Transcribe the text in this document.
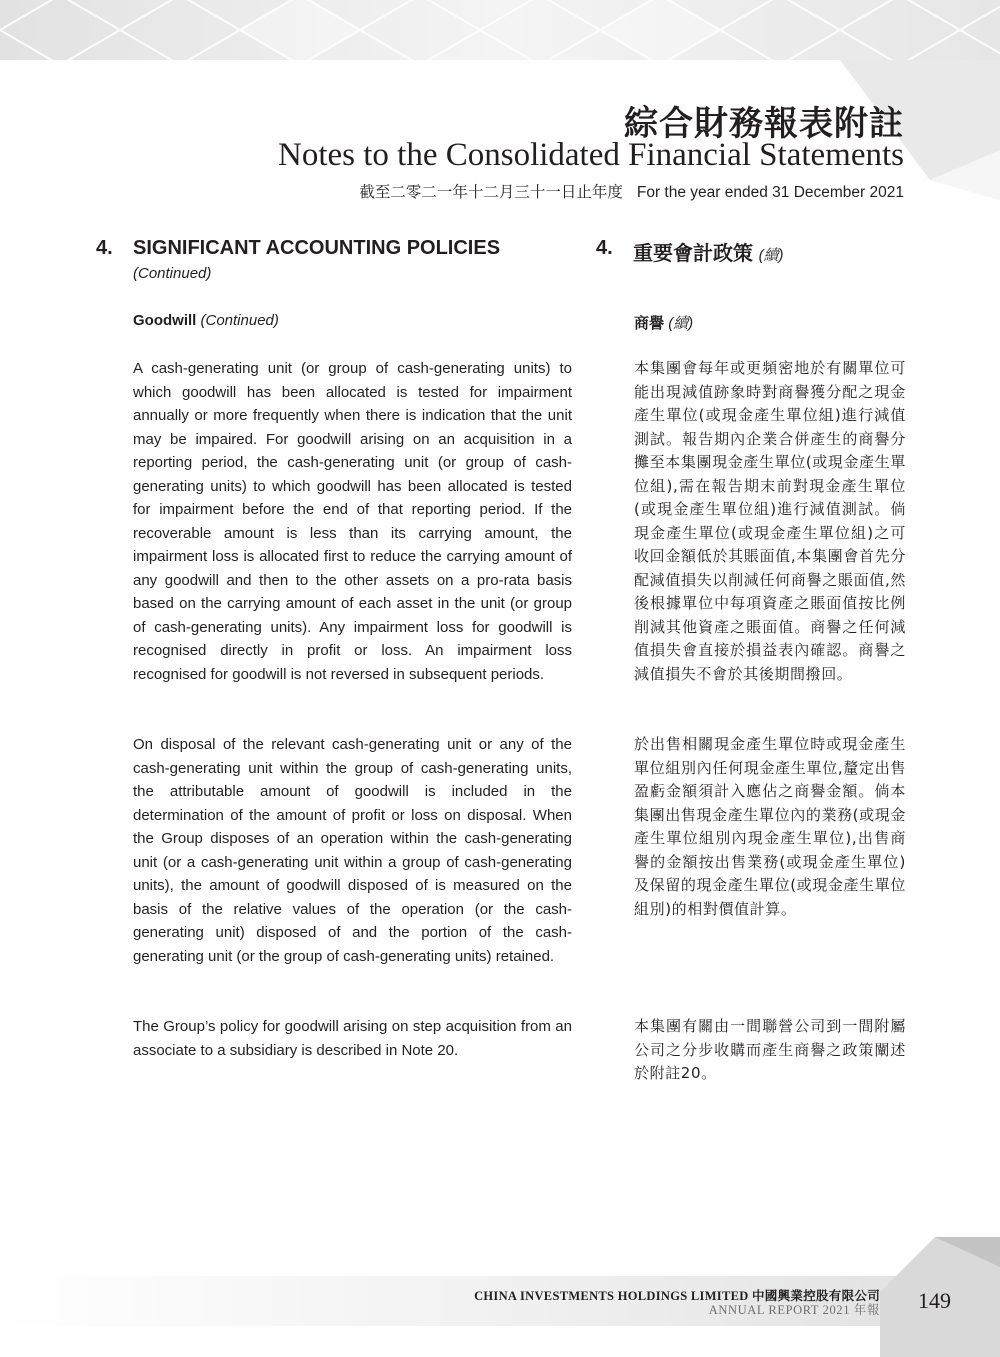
綜合財務報表附註
Notes to the Consolidated Financial Statements
截至二零二一年十二月三十一日止年度 For the year ended 31 December 2021
4. SIGNIFICANT ACCOUNTING POLICIES
(Continued)
4. 重要會計政策 (續)
Goodwill (Continued)	商譽 (續)

A cash-generating unit (or group of cash-generating units) to which goodwill has been allocated is tested for impairment annually or more frequently when there is indication that the unit may be impaired. For goodwill arising on an acquisition in a reporting period, the cash-generating unit (or group of cash-generating units) to which goodwill has been allocated is tested for impairment before the end of that reporting period. If the recoverable amount is less than its carrying amount, the impairment loss is allocated first to reduce the carrying amount of any goodwill and then to the other assets on a pro-rata basis based on the carrying amount of each asset in the unit (or group of cash-generating units). Any impairment loss for goodwill is recognised directly in profit or loss. An impairment loss recognised for goodwill is not reversed in subsequent periods.

On disposal of the relevant cash-generating unit or any of the cash-generating unit within the group of cash-generating units, the attributable amount of goodwill is included in the determination of the amount of profit or loss on disposal. When the Group disposes of an operation within the cash-generating unit (or a cash-generating unit within a group of cash-generating units), the amount of goodwill disposed of is measured on the basis of the relative values of the operation (or the cash-generating unit) disposed of and the portion of the cash-generating unit (or the group of cash-generating units) retained.

The Group’s policy for goodwill arising on step acquisition from an associate to a subsidiary is described in Note 20.

本集團會每年或更頻密地於有關單位可能出現減值跡象時對商譽獲分配之現金產生單位(或現金產生單位組)進行減值測試。報告期內企業合併產生的商譽分攤至本集團現金產生單位(或現金產生單位組),需在報告期末前對現金產生單位(或現金產生單位組)進行減值測試。倘現金產生單位(或現金產生單位組)之可收回金額低於其賬面值,本集團會首先分配減值損失以削減任何商譽之賬面值,然後根據單位中每項資產之賬面值按比例削減其他資產之賬面值。商譽之任何減值損失會直接於損益表內確認。商譽之減值損失不會於其後期間撥回。

於出售相關現金產生單位時或現金產生單位組別內任何現金產生單位,釐定出售盈虧金額須計入應佔之商譽金額。倘本集團出售現金產生單位內的業務(或現金產生單位組別內現金產生單位),出售商譽的金額按出售業務(或現金產生單位)及保留的現金產生單位(或現金產生單位組別)的相對價值計算。

本集團有關由一間聯營公司到一間附屬公司之分步收購而產生商譽之政策闡述於附註20。

CHINA INVESTMENTS HOLDINGS LIMITED 中國興業控股有限公司
ANNUAL REPORT 2021 年報 149
